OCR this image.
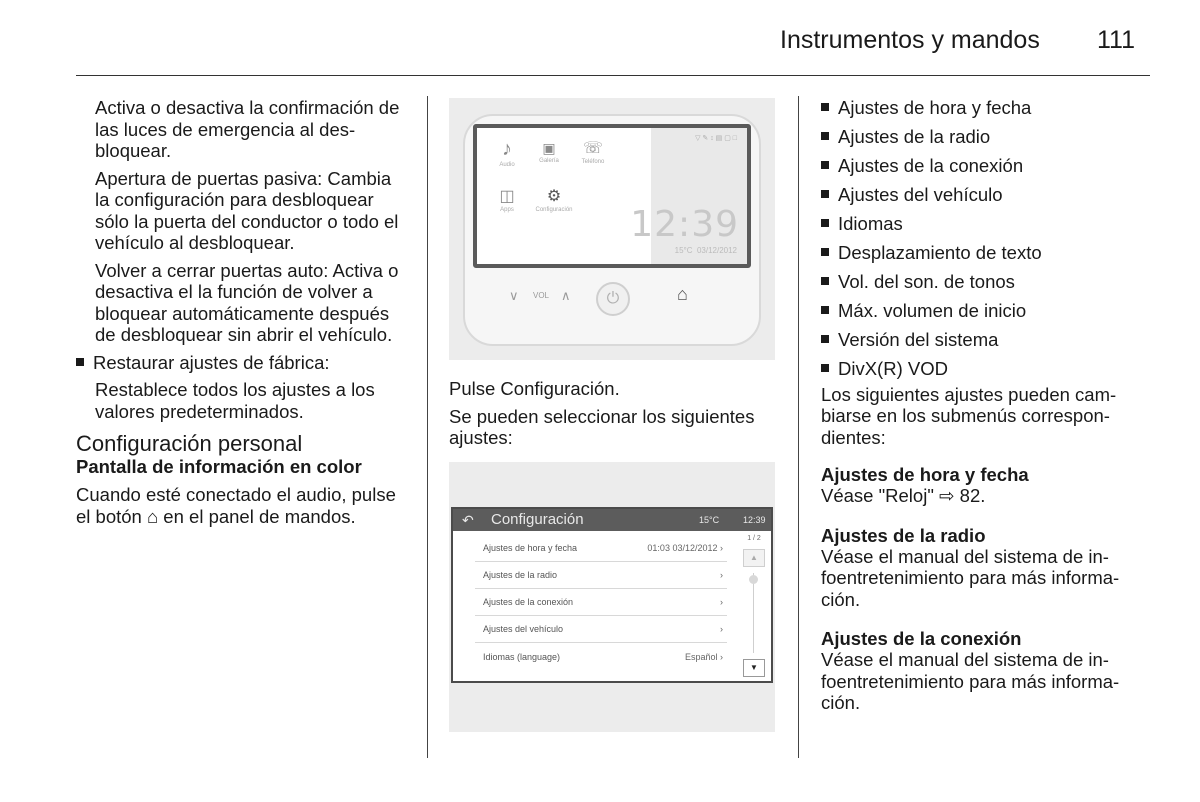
Instrumentos y mandos 111

Activa o desactiva la confirmación de las luces de emergencia al desbloquear.

Apertura de puertas pasiva: Cambia la configuración para desbloquear sólo la puerta del conductor o todo el vehículo al desbloquear.

Volver a cerrar puertas auto: Activa o desactiva el la función de volver a bloquear automáticamente después de desbloquear sin abrir el vehículo.

Restaurar ajustes de fábrica:

Restablece todos los ajustes a los valores predeterminados.

Configuración personal
Pantalla de información en color

Cuando esté conectado el audio, pulse el botón ⌂ en el panel de mandos.

♪
Audio
▣
Galería
☏
Teléfono
◫
Apps
⚙
Configuración
▽ ✎ ↕ ▤ ▢ □
12:39
15°C 03/12/2012
∨ VOL ∧	⏻	⌂

Pulse Configuración.

Se pueden seleccionar los siguientes ajustes:

↶ Configuración	15°C	12:39
Ajustes de hora y fecha	01:03 03/12/2012 ›
Ajustes de la radio	›
Ajustes de la conexión	›
Ajustes del vehículo	›
Idiomas (language)	Español ›
1 / 2
▲
▼
Ajustes de hora y fecha
Ajustes de la radio
Ajustes de la conexión
Ajustes del vehículo
Idiomas
Desplazamiento de texto
Vol. del son. de tonos
Máx. volumen de inicio
Versión del sistema
DivX(R) VOD

Los siguientes ajustes pueden cambiarse en los submenús correspondientes:

Ajustes de hora y fecha

Véase "Reloj" ⇨ 82.

Ajustes de la radio

Véase el manual del sistema de infoentretenimiento para más información.

Ajustes de la conexión

Véase el manual del sistema de infoentretenimiento para más información.
